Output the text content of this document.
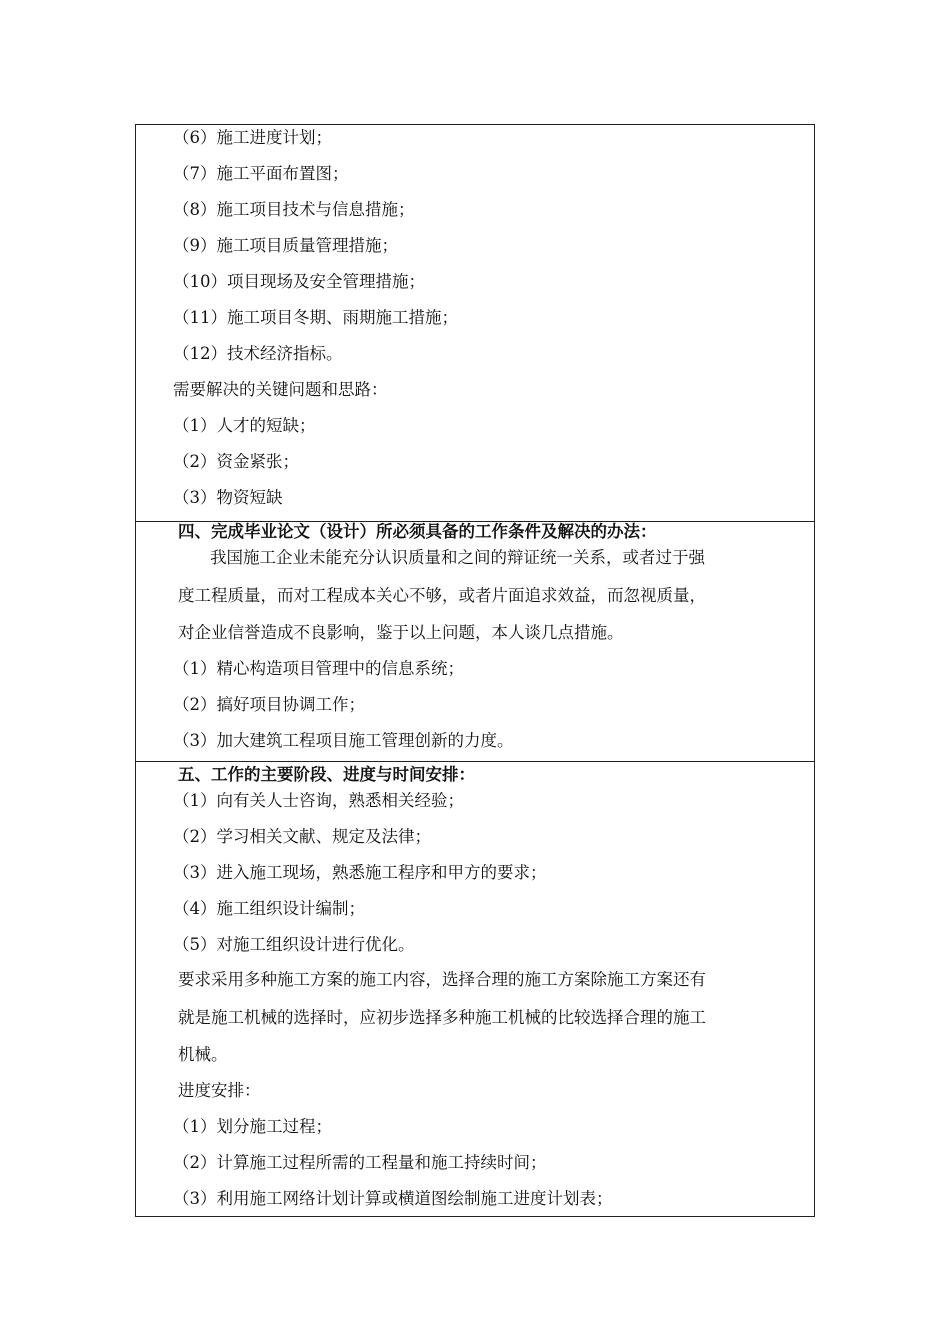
（6）施工进度计划；
（7）施工平面布置图；
（8）施工项目技术与信息措施；
（9）施工项目质量管理措施；
（10）项目现场及安全管理措施；
（11）施工项目冬期、雨期施工措施；
（12）技术经济指标。
需要解决的关键问题和思路：
（1）人才的短缺；
（2）资金紧张；
（3）物资短缺
四、完成毕业论文（设计）所必须具备的工作条件及解决的办法：
我国施工企业未能充分认识质量和之间的辩证统一关系，或者过于强
度工程质量，而对工程成本关心不够，或者片面追求效益，而忽视质量，
对企业信誉造成不良影响，鉴于以上问题，本人谈几点措施。
（1）精心构造项目管理中的信息系统；
（2）搞好项目协调工作；
（3）加大建筑工程项目施工管理创新的力度。
五、工作的主要阶段、进度与时间安排：
（1）向有关人士咨询，熟悉相关经验；
（2）学习相关文献、规定及法律；
（3）进入施工现场，熟悉施工程序和甲方的要求；
（4）施工组织设计编制；
（5）对施工组织设计进行优化。
要求采用多种施工方案的施工内容，选择合理的施工方案除施工方案还有
就是施工机械的选择时，应初步选择多种施工机械的比较选择合理的施工
机械。
进度安排：
（1）划分施工过程；
（2）计算施工过程所需的工程量和施工持续时间；
（3）利用施工网络计划计算或横道图绘制施工进度计划表；
